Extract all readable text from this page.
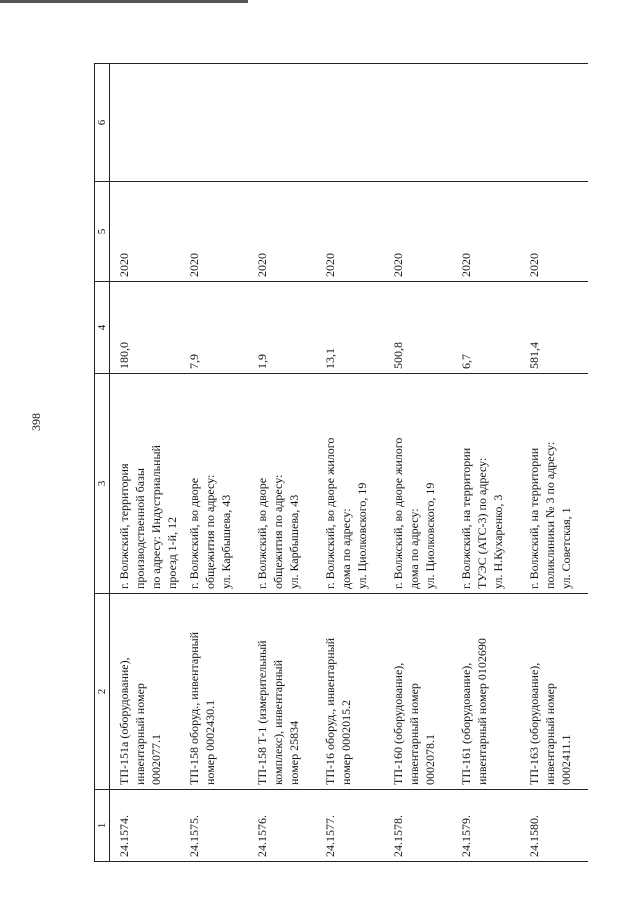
398
1	2	3	4	5	6

24.1574.	ТП-151а (оборудование),
инвентарный номер
0002077.1	г. Волжский, территория
производственной базы
по адресу: Индустриальный
проезд 1-й, 12	180,0	2020	

24.1575.	ТП-158 оборуд., инвентарный
номер 0002430.1	г. Волжский, во дворе
общежития по адресу:
ул. Карбышева, 43	7,9	2020	

24.1576.	ТП-158 Т-1 (измерительный
комплекс), инвентарный
номер 25834	г. Волжский, во дворе
общежития по адресу:
ул. Карбышева, 43	1,9	2020	

24.1577.	ТП-16 оборуд., инвентарный
номер 0002015.2	г. Волжский, во дворе жилого
дома по адресу:
ул. Циолковского, 19	13,1	2020	

24.1578.	ТП-160 (оборудование),
инвентарный номер
0002078.1	г. Волжский, во дворе жилого
дома по адресу:
ул. Циолковского, 19	500,8	2020	

24.1579.	ТП-161 (оборудование),
инвентарный номер 0102690	г. Волжский, на территории
ТУЭС (АТС-3) по адресу:
ул. Н.Кухаренко, 3	6,7	2020	

24.1580.	ТП-163 (оборудование),
инвентарный номер
0002411.1	г. Волжский, на территории
поликлиники № 3 по адресу:
ул. Советская, 1	581,4	2020	
